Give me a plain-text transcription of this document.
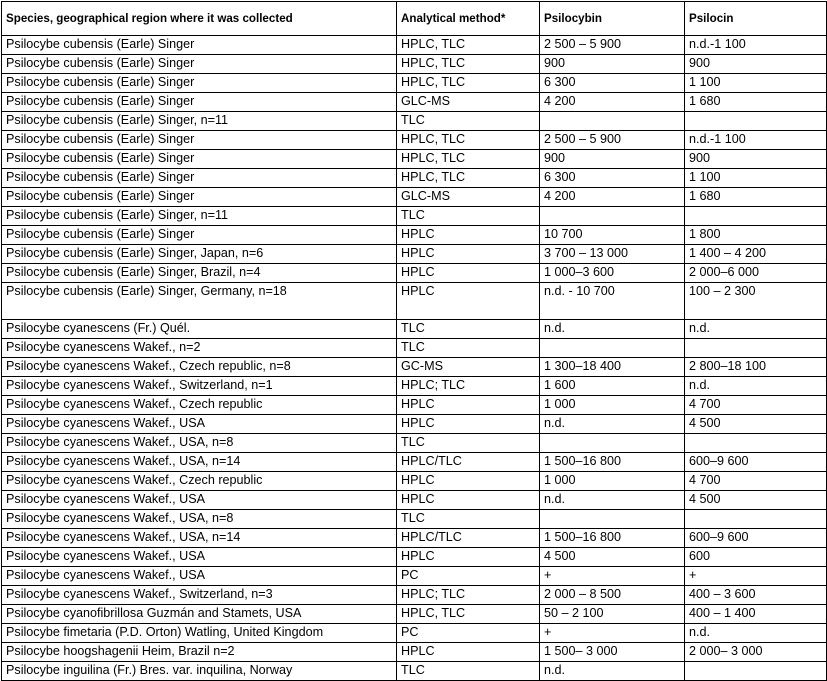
Species, geographical region where it was collected	Analytical method*	Psilocybin	Psilocin
Psilocybe cubensis (Earle) Singer	HPLC, TLC	2 500 – 5 900	n.d.-1 100
Psilocybe cubensis (Earle) Singer	HPLC, TLC	900	900
Psilocybe cubensis (Earle) Singer	HPLC, TLC	6 300	1 100
Psilocybe cubensis (Earle) Singer	GLC-MS	4 200	1 680
Psilocybe cubensis (Earle) Singer, n=11	TLC		
Psilocybe cubensis (Earle) Singer	HPLC, TLC	2 500 – 5 900	n.d.-1 100
Psilocybe cubensis (Earle) Singer	HPLC, TLC	900	900
Psilocybe cubensis (Earle) Singer	HPLC, TLC	6 300	1 100
Psilocybe cubensis (Earle) Singer	GLC-MS	4 200	1 680
Psilocybe cubensis (Earle) Singer, n=11	TLC		
Psilocybe cubensis (Earle) Singer	HPLC	10 700	1 800
Psilocybe cubensis (Earle) Singer, Japan, n=6	HPLC	3 700 – 13 000	1 400 – 4 200
Psilocybe cubensis (Earle) Singer, Brazil, n=4	HPLC	1 000–3 600	2 000–6 000
Psilocybe cubensis (Earle) Singer, Germany, n=18	HPLC	n.d. - 10 700	100 – 2 300
Psilocybe cyanescens (Fr.) Quél.	TLC	n.d.	n.d.
Psilocybe cyanescens Wakef., n=2	TLC		
Psilocybe cyanescens Wakef., Czech republic, n=8	GC-MS	1 300–18 400	2 800–18 100
Psilocybe cyanescens Wakef., Switzerland, n=1	HPLC; TLC	1 600	n.d.
Psilocybe cyanescens Wakef., Czech republic	HPLC	1 000	4 700
Psilocybe cyanescens Wakef., USA	HPLC	n.d.	4 500
Psilocybe cyanescens Wakef., USA, n=8	TLC		
Psilocybe cyanescens Wakef., USA, n=14	HPLC/TLC	1 500–16 800	600–9 600
Psilocybe cyanescens Wakef., Czech republic	HPLC	1 000	4 700
Psilocybe cyanescens Wakef., USA	HPLC	n.d.	4 500
Psilocybe cyanescens Wakef., USA, n=8	TLC		
Psilocybe cyanescens Wakef., USA, n=14	HPLC/TLC	1 500–16 800	600–9 600
Psilocybe cyanescens Wakef., USA	HPLC	4 500	600
Psilocybe cyanescens Wakef., USA	PC	+	+
Psilocybe cyanescens Wakef., Switzerland, n=3	HPLC; TLC	2 000 – 8 500	400 – 3 600
Psilocybe cyanofibrillosa Guzmán and Stamets, USA	HPLC, TLC	50 – 2 100	400 – 1 400
Psilocybe fimetaria (P.D. Orton) Watling, United Kingdom	PC	+	n.d.
Psilocybe hoogshagenii Heim, Brazil n=2	HPLC	1 500– 3 000	2 000– 3 000
Psilocybe inguilina (Fr.) Bres. var. inquilina, Norway	TLC	n.d.	
